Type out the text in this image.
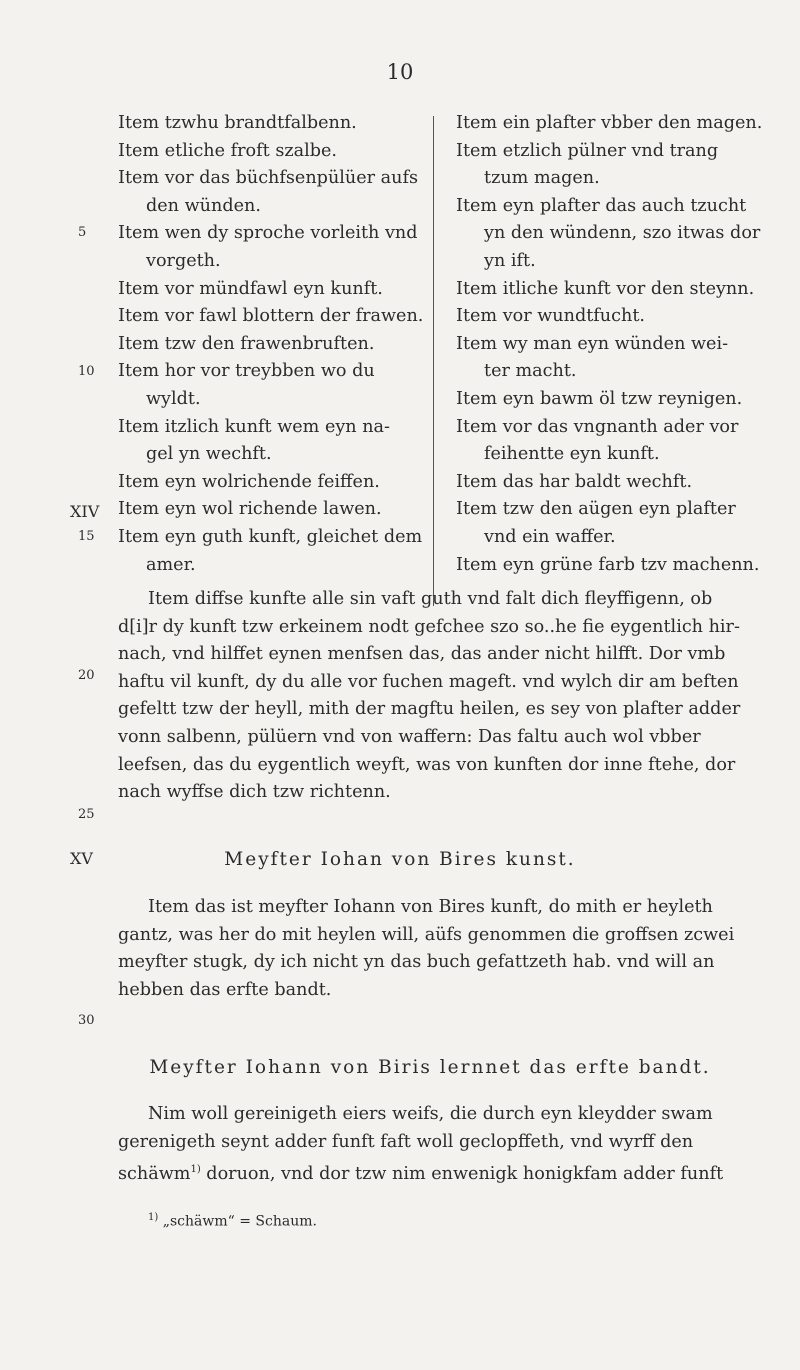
10
Item tzwhu brandtfalbenn.
Item etliche froft szalbe.
Item vor das büchfsenpülüer aufs
den wünden.
Item wen dy sproche vorleith vnd
vorgeth.
Item vor mündfawl eyn kunft.
Item vor fawl blottern der frawen.
Item tzw den frawenbruften.
Item hor vor treybben wo du
wyldt.
Item itzlich kunft wem eyn na-
gel yn wechft.
Item eyn wolrichende feiffen.
Item eyn wol richende lawen.
Item eyn guth kunft, gleichet dem
amer.
Item ein plafter vbber den magen.
Item etzlich pülner vnd trang
tzum magen.
Item eyn plafter das auch tzucht
yn den wündenn, szo itwas dor
yn ift.
Item itliche kunft vor den steynn.
Item vor wundtfucht.
Item wy man eyn wünden wei-
ter macht.
Item eyn bawm öl tzw reynigen.
Item vor das vngnanth ader vor
feihentte eyn kunft.
Item das har baldt wechft.
Item tzw den aügen eyn plafter
vnd ein waffer.
Item eyn grüne farb tzv machenn.
5
10
XIV
15
20
25
XV
30
Item diffse kunfte alle sin vaft guth vnd falt dich fleyffigenn, ob
d[i]r dy kunft tzw erkeinem nodt gefchee szo so..he fie eygentlich hir-
nach, vnd hilffet eynen menfsen das, das ander nicht hilfft. Dor vmb
haftu vil kunft, dy du alle vor fuchen mageft. vnd wylch dir am beften
gefeltt tzw der heyll, mith der magftu heilen, es sey von plafter adder
vonn salbenn, pülüern vnd von waffern: Das faltu auch wol vbber
leefsen, das du eygentlich weyft, was von kunften dor inne ftehe, dor
nach wyffse dich tzw richtenn.
Meyfter Iohan von Bires kunst.
Item das ist meyfter Iohann von Bires kunft, do mith er heyleth
gantz, was her do mit heylen will, aüfs genommen die groffsen zcwei
meyfter stugk, dy ich nicht yn das buch gefattzeth hab. vnd will an
hebben das erfte bandt.
Meyfter Iohann von Biris lernnet das erfte bandt.
Nim woll gereinigeth eiers weifs, die durch eyn kleydder swam
gerenigeth seynt adder funft faft woll geclopffeth, vnd wyrff den
schäwm$^{1)}$ doruon, vnd dor tzw nim enwenigk honigkfam adder funft
$^{1)}$ „schäwm“ = Schaum.
